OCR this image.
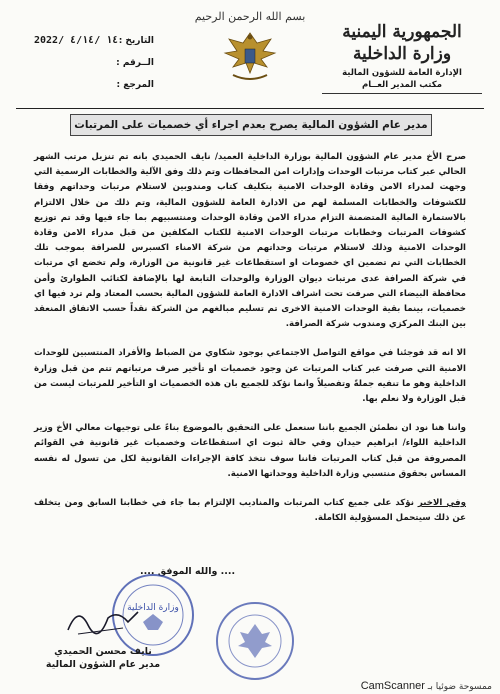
الجمهورية اليمنية
وزارة الداخلية
الإدارة العامة للشؤون المالية
مكتب المدير العــام
بسم الله الرحمن الرحيم
التاريخ :
2022/ ١٤ /٤/١٤
الــرقم :
المرجع :
مدير عام الشؤون المالية يصرح بعدم اجراء أي خصميات على المرتبات

صرح الأخ مدير عام الشؤون المالية بوزارة الداخلية العميد/ نايف الحميدي بانه تم تنزيل مرتب الشهر الحالي عبر كتاب مرتبات الوحدات وإدارات امن المحافظات وتم ذلك وفق الآلية والخطابات الرسمية التي وجهت لمدراء الامن وقادة الوحدات الامنية بتكليف كتاب ومندوبين لاستلام مرتبات وحداتهم وفقا للكشوفات والخطابات المسلمة لهم من الادارة العامة للشؤون المالية، وتم ذلك من خلال الالتزام بالاستمارة المالية المتضمنة التزام مدراء الامن وقادة الوحدات ومنتسبيهم بما جاء فيها وقد تم توزيع كشوفات المرتبات وخطابات مرتبات الوحدات الامنية للكتاب المكلفين من قبل مدراء الامن وقادة الوحدات الامنية وذلك لاستلام مرتبات وحداتهم من شركة الامناء اكسبرس للصرافة بموجب تلك الخطابات التي تم تضمين اي خصومات او استقطاعات غير قانونية من الوزارة، ولم تخضع اي مرتبات في شركة الصرافة عدى مرتبات ديوان الوزارة والوحدات التابعة لها بالإضافة لكتائب الطوارئ وأمن محافظة البيضاء التي صرفت تحت اشراف الادارة العامة للشؤون المالية بحسب المعتاد ولم ترد فيها اي خصميات، بينما بقية الوحدات الامنية الاخرى تم تسليم مبالغهم من الشركة نقداً حسب الاتفاق المنعقد بين البنك المركزي ومندوب شركة الصرافة.

الا انه قد فوجئنا في مواقع التواصل الاجتماعي بوجود شكاوي من الضباط والأفراد المنتسبين للوحدات الامنية التي صرفت عبر كتاب المرتبات عن وجود خصميات او تأخير صرف مرتباتهم تتم من قبل وزارة الداخلية وهو ما تنفيه جملةً وتفصيلاً وانما نؤكد للجميع بان هذه الخصميات او التأخير للمرتبات ليست من قبل الوزارة ولا نعلم بها.

واننا هنا نود ان نطمئن الجميع باننا سنعمل على التحقيق بالموضوع بناءً على توجيهات معالي الأخ وزير الداخلية اللواء/ ابراهيم حيدان وفي حالة ثبوت اي استقطاعات وخصميات غير قانونية في القوائم المصروفة من قبل كتاب المرتبات فاننا سوف نتخذ كافة الإجراءات القانونية لكل من تسول له نفسه المساس بحقوق منتسبي وزارة الداخلية ووحداتها الامنية.

وفي الاخير نؤكد على جميع كتاب المرتبات والمناديب الإلتزام بما جاء في خطابنا السابق ومن يتخلف عن ذلك سيتحمل المسؤولية الكاملة.

.... والله الموفق ....
وزارة الداخلية
نايف محسن الحميدي
مدير عام الشؤون المالية
ممسوحة ضوئيا بـ CamScanner
